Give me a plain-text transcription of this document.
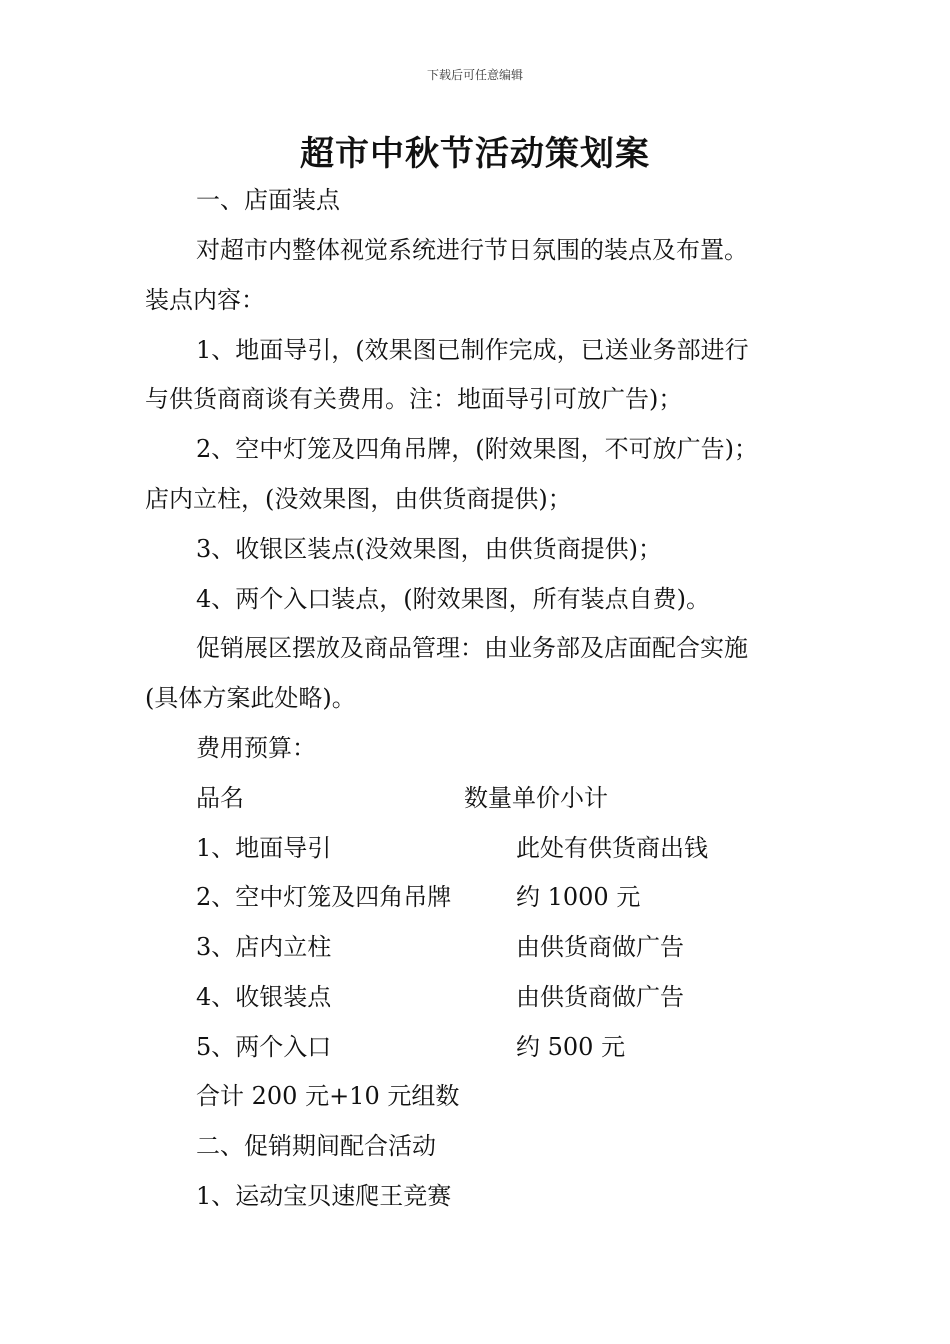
下载后可任意编辑
超市中秋节活动策划案
一、店面装点
对超市内整体视觉系统进行节日氛围的装点及布置。
装点内容：
1、地面导引，(效果图已制作完成，已送业务部进行
与供货商商谈有关费用。注：地面导引可放广告)；
2、空中灯笼及四角吊牌，(附效果图，不可放广告)；
店内立柱，(没效果图，由供货商提供)；
3、收银区装点(没效果图，由供货商提供)；
4、两个入口装点，(附效果图，所有装点自费)。
促销展区摆放及商品管理：由业务部及店面配合实施
(具体方案此处略)。
费用预算：
品名	数量单价小计
1、地面导引	此处有供货商出钱
2、空中灯笼及四角吊牌	约 1000 元
3、店内立柱	由供货商做广告
4、收银装点	由供货商做广告
5、两个入口	约 500 元
合计 200 元+10 元组数
二、促销期间配合活动
1、运动宝贝速爬王竞赛
